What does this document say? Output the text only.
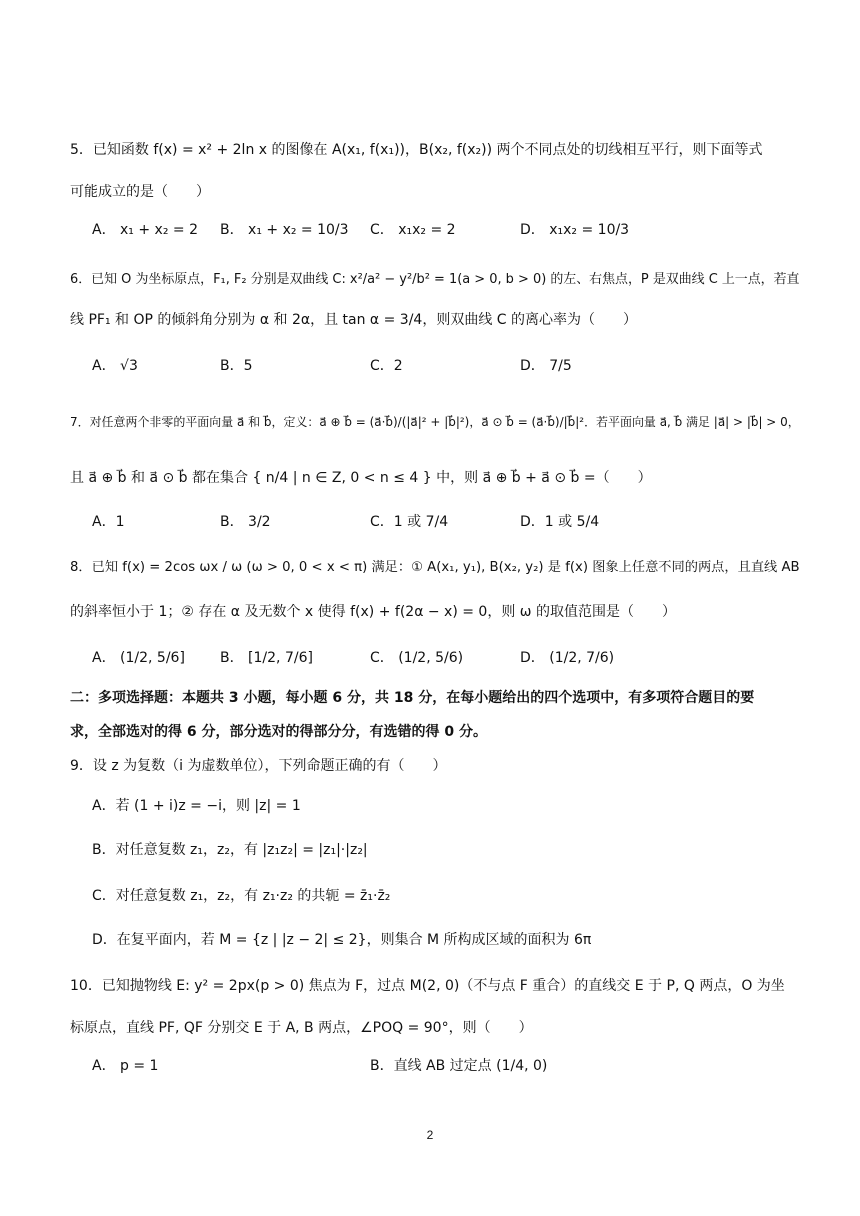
5．已知函数 f(x) = x² + 2ln x 的图像在 A(x₁, f(x₁))，B(x₂, f(x₂)) 两个不同点处的切线相互平行，则下面等式
可能成立的是（　　）
A． x₁ + x₂ = 2 B． x₁ + x₂ = 10/3 C． x₁x₂ = 2	D． x₁x₂ = 10/3
6．已知 O 为坐标原点，F₁, F₂ 分别是双曲线 C: x²/a² − y²/b² = 1(a > 0, b > 0) 的左、右焦点，P 是双曲线 C 上一点，若直
线 PF₁ 和 OP 的倾斜角分别为 α 和 2α，且 tan α = 3/4，则双曲线 C 的离心率为（　　）
A． √3	B．5	C．2	D． 7/5
7．对任意两个非零的平面向量 a⃗ 和 b⃗，定义：a⃗ ⊕ b⃗ = (a⃗·b⃗)/(|a⃗|² + |b⃗|²)，a⃗ ⊙ b⃗ = (a⃗·b⃗)/|b⃗|²．若平面向量 a⃗, b⃗ 满足 |a⃗| > |b⃗| > 0，
且 a⃗ ⊕ b⃗ 和 a⃗ ⊙ b⃗ 都在集合 { n/4 | n ∈ Z, 0 < n ≤ 4 } 中，则 a⃗ ⊕ b⃗ + a⃗ ⊙ b⃗ =（　　）
A．1	B． 3/2	C．1 或 7/4	D．1 或 5/4
8．已知 f(x) = 2cos ωx / ω (ω > 0, 0 < x < π) 满足：① A(x₁, y₁), B(x₂, y₂) 是 f(x) 图象上任意不同的两点，且直线 AB
的斜率恒小于 1；② 存在 α 及无数个 x 使得 f(x) + f(2α − x) = 0，则 ω 的取值范围是（　　）
A． (1/2, 5/6]	B． [1/2, 7/6]	C． (1/2, 5/6)	D． (1/2, 7/6)
二：多项选择题：本题共 3 小题，每小题 6 分，共 18 分，在每小题给出的四个选项中，有多项符合题目的要
求，全部选对的得 6 分，部分选对的得部分分，有选错的得 0 分。
9．设 z 为复数（i 为虚数单位），下列命题正确的有（　　）
A．若 (1 + i)z = −i，则 |z| = 1
B．对任意复数 z₁，z₂，有 |z₁z₂| = |z₁|·|z₂|
C．对任意复数 z₁，z₂，有 z₁·z₂ 的共轭 = z̄₁·z̄₂
D．在复平面内，若 M = {z | |z − 2| ≤ 2}，则集合 M 所构成区域的面积为 6π
10．已知抛物线 E: y² = 2px(p > 0) 焦点为 F，过点 M(2, 0)（不与点 F 重合）的直线交 E 于 P, Q 两点，O 为坐
标原点，直线 PF, QF 分别交 E 于 A, B 两点，∠POQ = 90°，则（　　）
A． p = 1	B．直线 AB 过定点 (1/4, 0)
2
